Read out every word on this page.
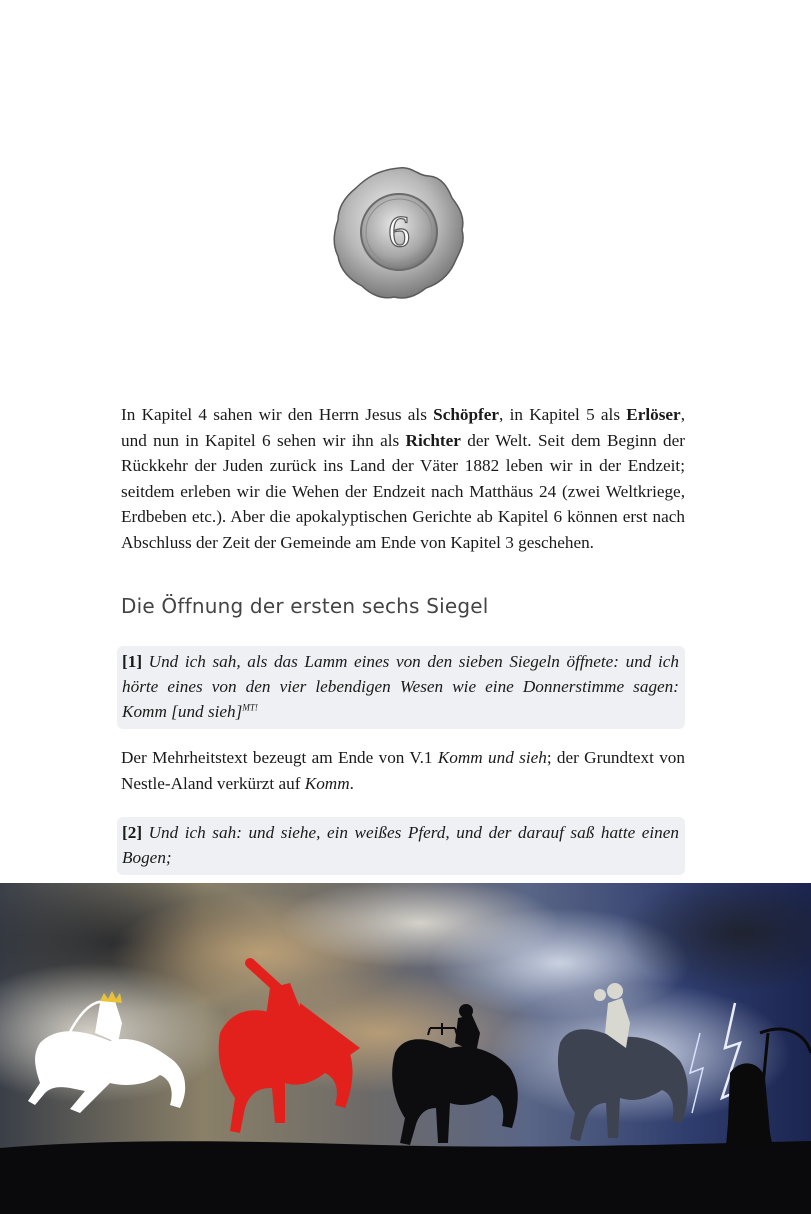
6

In Kapitel 4 sahen wir den Herrn Jesus als Schöpfer, in Kapitel 5 als Erlöser, und nun in Kapitel 6 sehen wir ihn als Richter der Welt. Seit dem Beginn der Rückkehr der Juden zurück ins Land der Väter 1882 leben wir in der Endzeit; seitdem erleben wir die Wehen der Endzeit nach Matthäus 24 (zwei Weltkriege, Erdbeben etc.). Aber die apokalyptischen Gerichte ab Kapitel 6 können erst nach Abschluss der Zeit der Gemeinde am Ende von Kapitel 3 geschehen.

Die Öffnung der ersten sechs Siegel
[1] Und ich sah, als das Lamm eines von den sieben Siegeln öffnete: und ich hörte eines von den vier lebendigen Wesen wie eine Donnerstimme sagen: Komm [und sieh]$^{MT!}$

Der Mehrheitstext bezeugt am Ende von V.1 Komm und sieh; der Grundtext von Nestle-Aland verkürzt auf Komm.

[2] Und ich sah: und siehe, ein weißes Pferd, und der darauf saß hatte einen Bogen;
